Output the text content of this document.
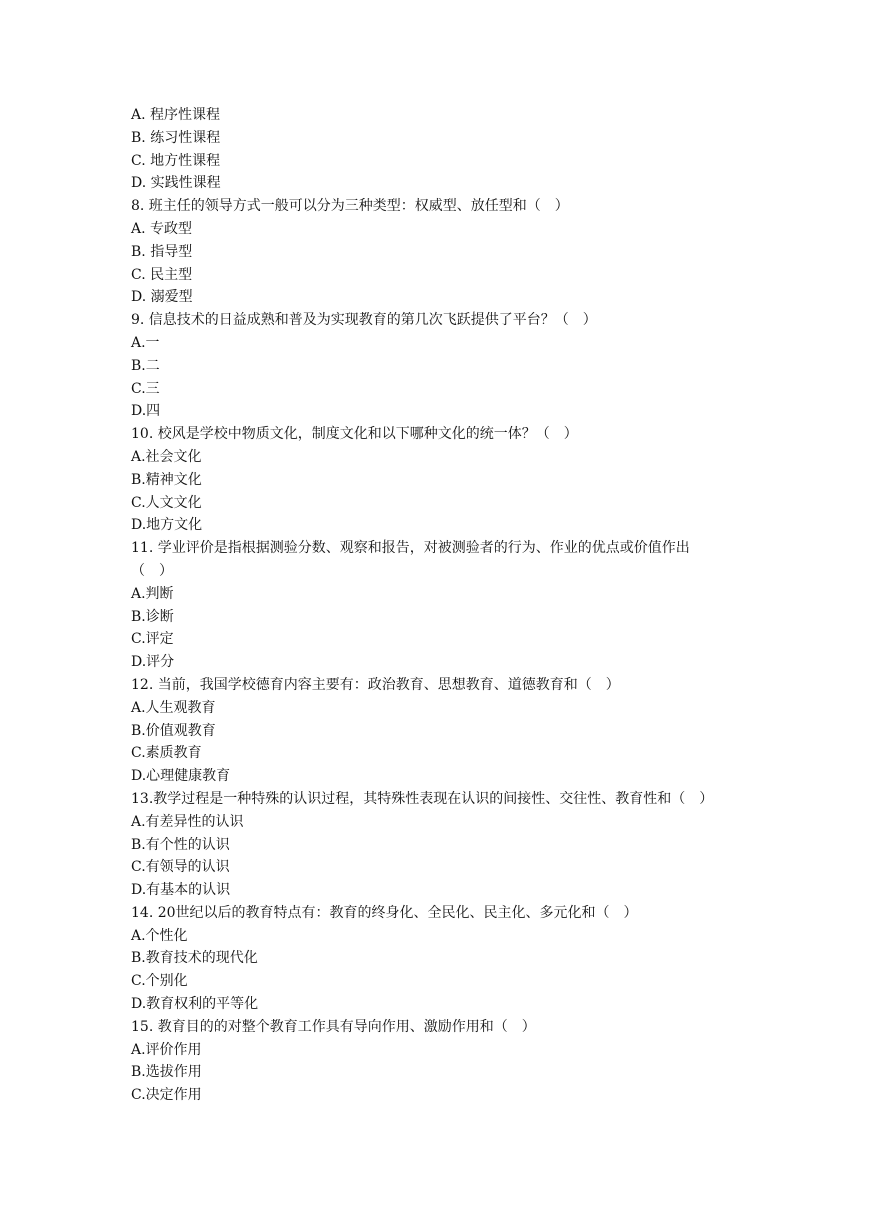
A. 程序性课程
B. 练习性课程
C. 地方性课程
D. 实践性课程
8. 班主任的领导方式一般可以分为三种类型：权威型、放任型和（　）
A. 专政型
B. 指导型
C. 民主型
D. 溺爱型
9. 信息技术的日益成熟和普及为实现教育的第几次飞跃提供了平台？（　）
A.一
B.二
C.三
D.四
10. 校风是学校中物质文化，制度文化和以下哪种文化的统一体？（　）
A.社会文化
B.精神文化
C.人文文化
D.地方文化
11. 学业评价是指根据测验分数、观察和报告，对被测验者的行为、作业的优点或价值作出
（　）
A.判断
B.诊断
C.评定
D.评分
12. 当前，我国学校德育内容主要有：政治教育、思想教育、道德教育和（　）
A.人生观教育
B.价值观教育
C.素质教育
D.心理健康教育
13.教学过程是一种特殊的认识过程，其特殊性表现在认识的间接性、交往性、教育性和（　）
A.有差异性的认识
B.有个性的认识
C.有领导的认识
D.有基本的认识
14. 20世纪以后的教育特点有：教育的终身化、全民化、民主化、多元化和（　）
A.个性化
B.教育技术的现代化
C.个别化
D.教育权利的平等化
15. 教育目的的对整个教育工作具有导向作用、激励作用和（　）
A.评价作用
B.选拔作用
C.决定作用
